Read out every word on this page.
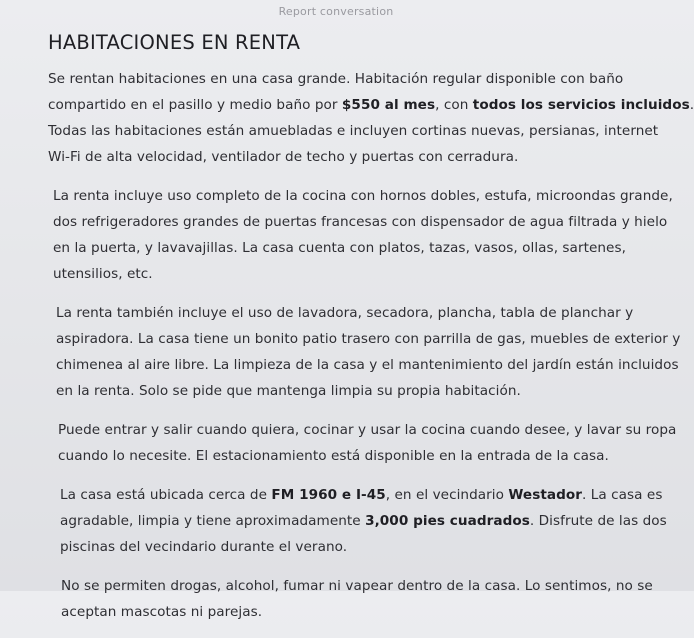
Report conversation
HABITACIONES EN RENTA
Se rentan habitaciones en una casa grande. Habitación regular disponible con baño
compartido en el pasillo y medio baño por $550 al mes, con todos los servicios incluidos.
Todas las habitaciones están amuebladas e incluyen cortinas nuevas, persianas, internet
Wi-Fi de alta velocidad, ventilador de techo y puertas con cerradura.
La renta incluye uso completo de la cocina con hornos dobles, estufa, microondas grande,
dos refrigeradores grandes de puertas francesas con dispensador de agua filtrada y hielo
en la puerta, y lavavajillas. La casa cuenta con platos, tazas, vasos, ollas, sartenes,
utensilios, etc.
La renta también incluye el uso de lavadora, secadora, plancha, tabla de planchar y
aspiradora. La casa tiene un bonito patio trasero con parrilla de gas, muebles de exterior y
chimenea al aire libre. La limpieza de la casa y el mantenimiento del jardín están incluidos
en la renta. Solo se pide que mantenga limpia su propia habitación.
Puede entrar y salir cuando quiera, cocinar y usar la cocina cuando desee, y lavar su ropa
cuando lo necesite. El estacionamiento está disponible en la entrada de la casa.
La casa está ubicada cerca de FM 1960 e I-45, en el vecindario Westador. La casa es
agradable, limpia y tiene aproximadamente 3,000 pies cuadrados. Disfrute de las dos
piscinas del vecindario durante el verano.
No se permiten drogas, alcohol, fumar ni vapear dentro de la casa. Lo sentimos, no se
aceptan mascotas ni parejas.
